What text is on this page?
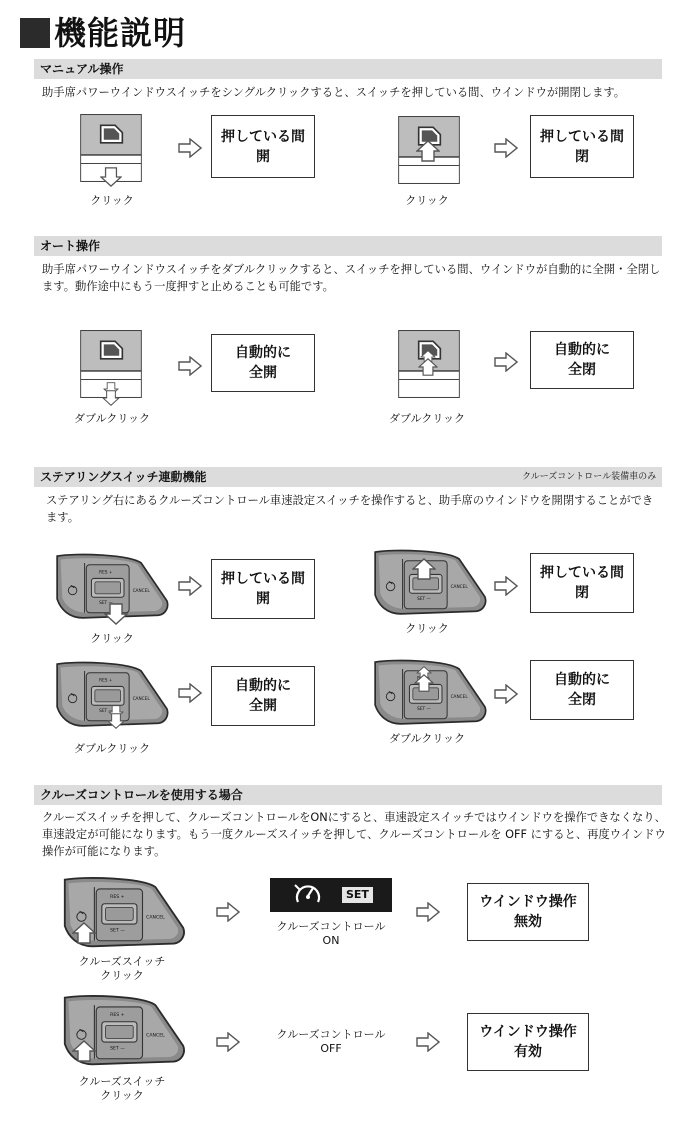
機能説明
マニュアル操作
助手席パワーウインドウスイッチをシングルクリックすると、スイッチを押している間、ウインドウが開閉します。
クリック
押している間
開
クリック
押している間
閉
オート操作
助手席パワーウインドウスイッチをダブルクリックすると、スイッチを押している間、ウインドウが自動的に全開・全閉します。動作途中にもう一度押すと止めることも可能です。
ダブルクリック
自動的に
全開
ダブルクリック
自動的に
全閉
ステアリングスイッチ連動機能	クルーズコントロール装備車のみ
ステアリング右にあるクルーズコントロール車速設定スイッチを操作すると、助手席のウインドウを開閉することができます。
クリック
押している間
開
クリック
押している間
閉
ダブルクリック
自動的に
全開
ダブルクリック
自動的に
全閉
クルーズコントロールを使用する場合
クルーズスイッチを押して、クルーズコントロールをONにすると、車速設定スイッチではウインドウを操作できなくなり、車速設定が可能になります。もう一度クルーズスイッチを押して、クルーズコントロールを OFF にすると、再度ウインドウ操作が可能になります。
クルーズスイッチ
クリック
SET
クルーズコントロール
ON
ウインドウ操作
無効
クルーズスイッチ
クリック
クルーズコントロール
OFF
ウインドウ操作
有効
